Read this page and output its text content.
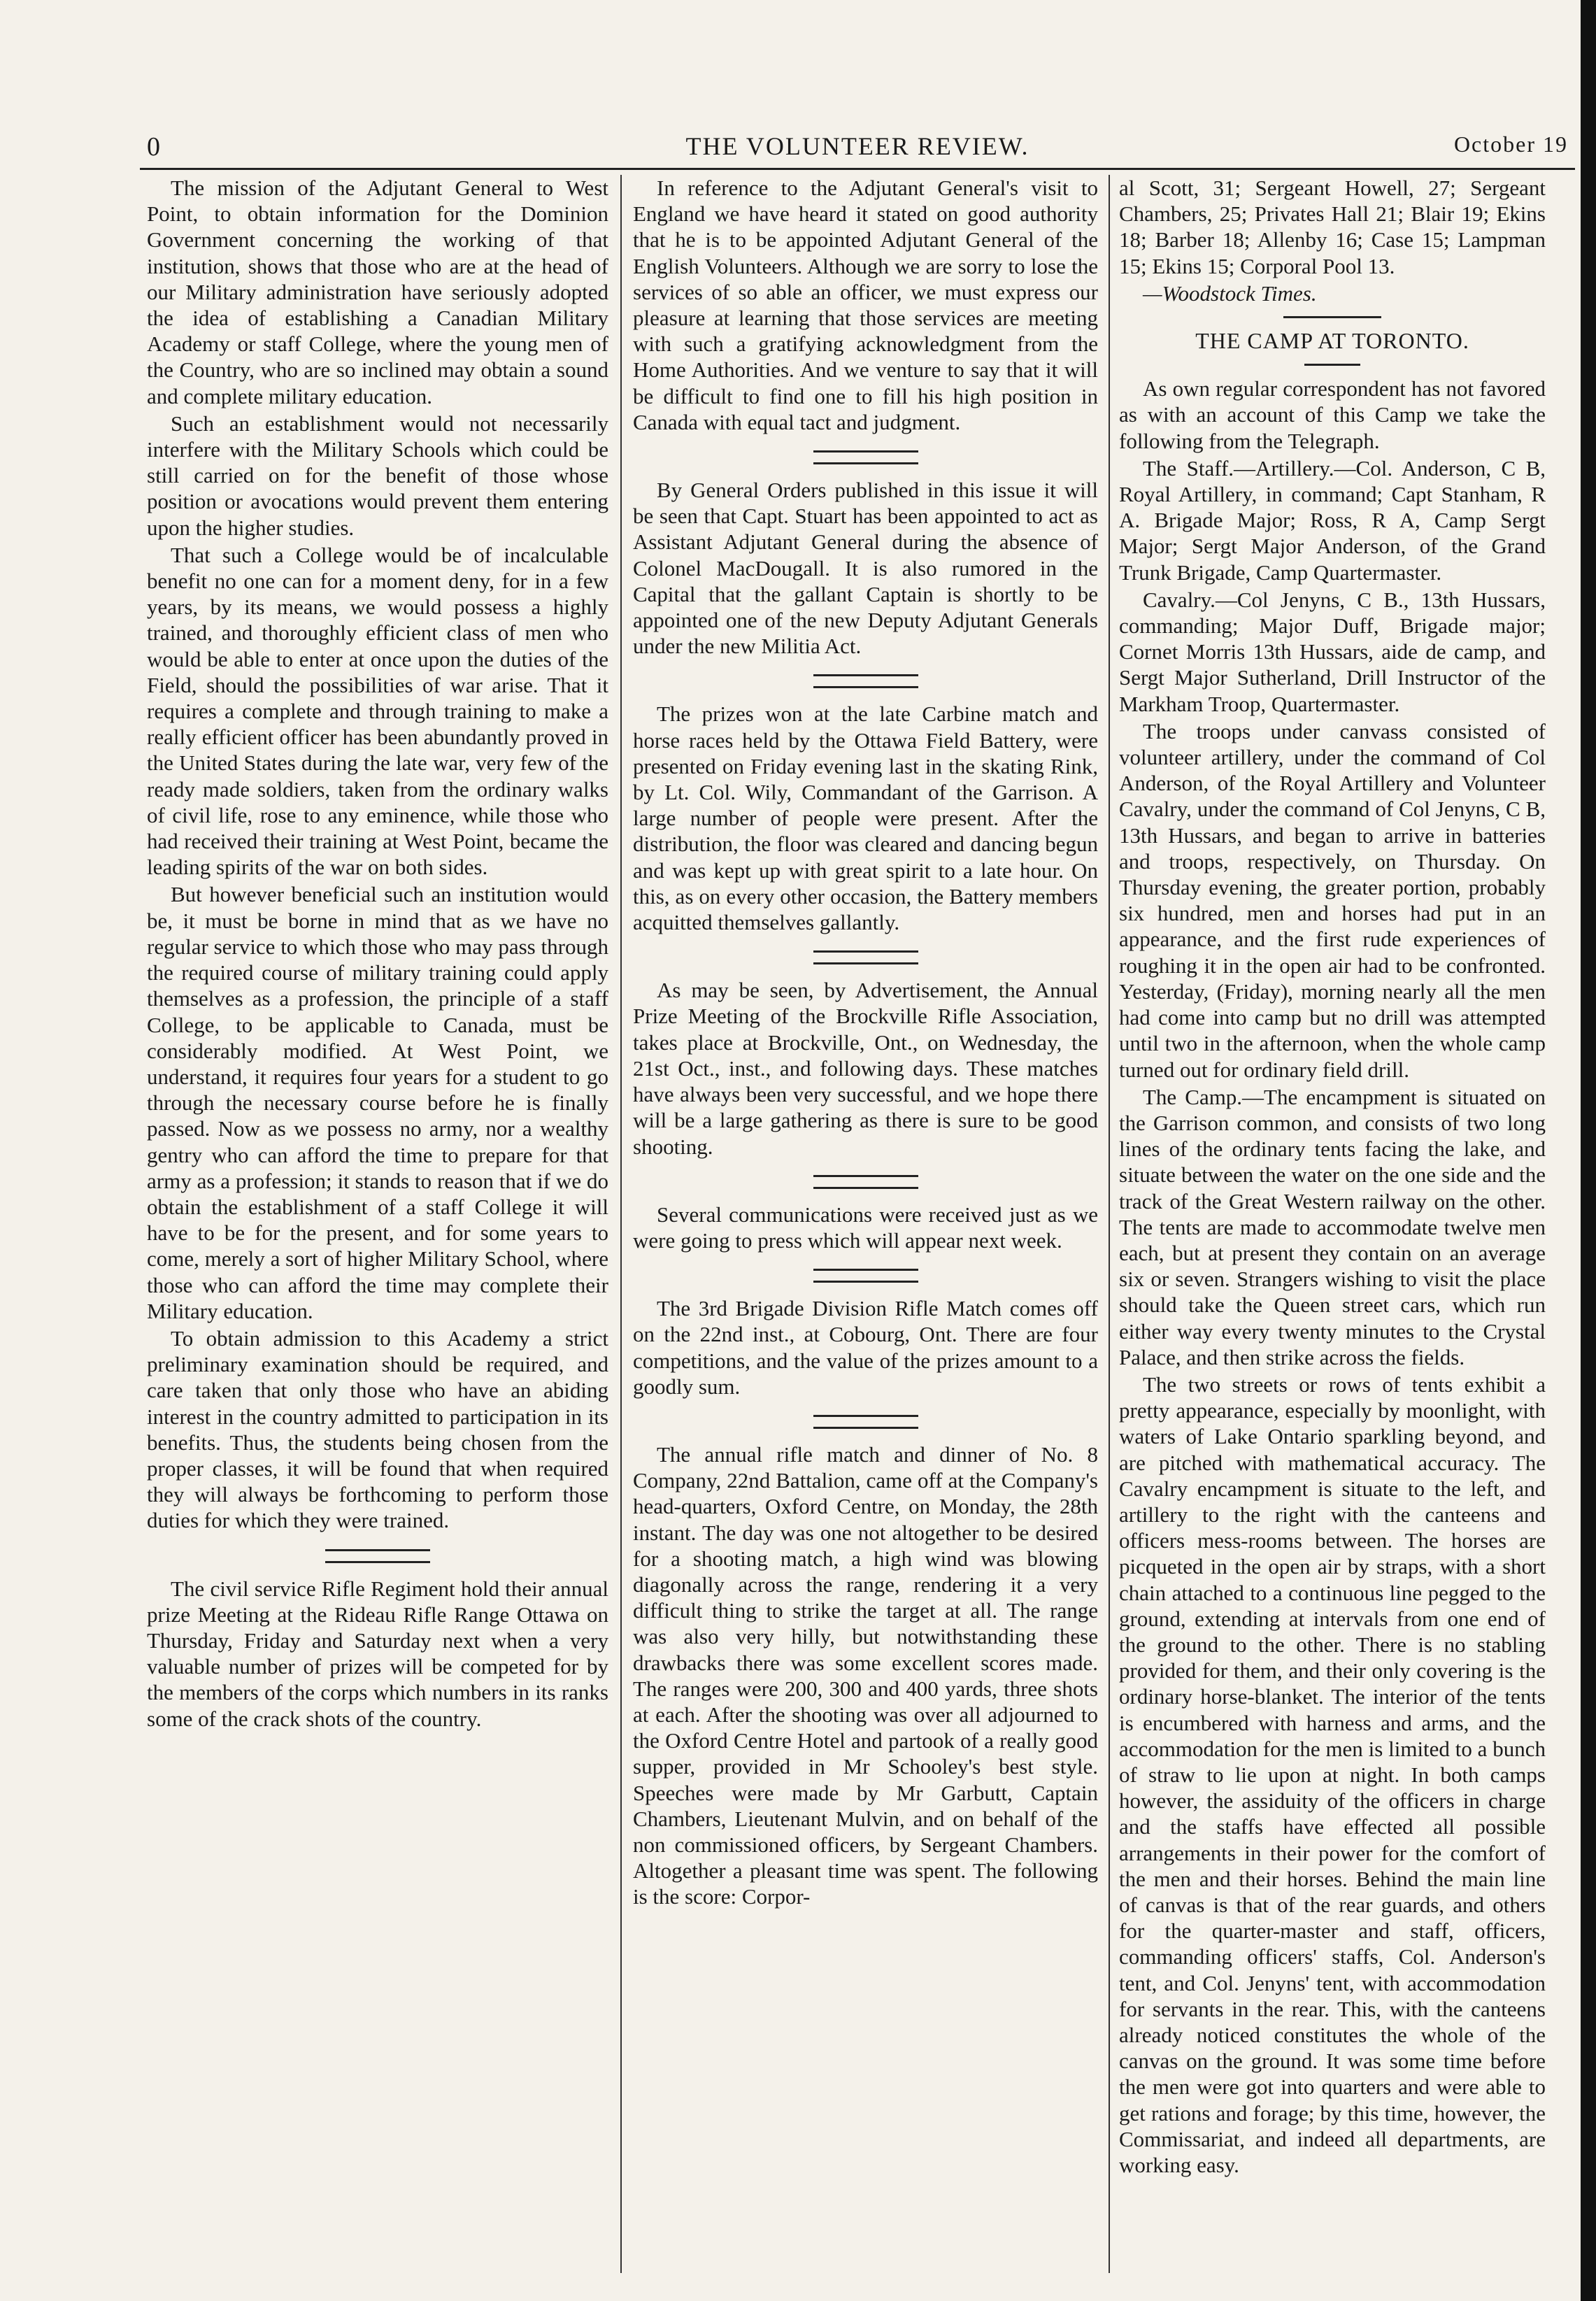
0	THE VOLUNTEER REVIEW.	October 19

The mission of the Adjutant General to West Point, to obtain information for the Dominion Government concerning the working of that institution, shows that those who are at the head of our Military administration have seriously adopted the idea of establishing a Canadian Military Academy or staff College, where the young men of the Country, who are so inclined may obtain a sound and complete military education.

Such an establishment would not necessarily interfere with the Military Schools which could be still carried on for the benefit of those whose position or avocations would prevent them entering upon the higher studies.

That such a College would be of incalculable benefit no one can for a moment deny, for in a few years, by its means, we would possess a highly trained, and thoroughly efficient class of men who would be able to enter at once upon the duties of the Field, should the possibilities of war arise. That it requires a complete and through training to make a really efficient officer has been abundantly proved in the United States during the late war, very few of the ready made soldiers, taken from the ordinary walks of civil life, rose to any eminence, while those who had received their training at West Point, became the leading spirits of the war on both sides.

But however beneficial such an institution would be, it must be borne in mind that as we have no regular service to which those who may pass through the required course of military training could apply themselves as a profession, the principle of a staff College, to be applicable to Canada, must be considerably modified. At West Point, we understand, it requires four years for a student to go through the necessary course before he is finally passed. Now as we possess no army, nor a wealthy gentry who can afford the time to prepare for that army as a profession; it stands to reason that if we do obtain the establishment of a staff College it will have to be for the present, and for some years to come, merely a sort of higher Military School, where those who can afford the time may complete their Military education.

To obtain admission to this Academy a strict preliminary examination should be required, and care taken that only those who have an abiding interest in the country admitted to participation in its benefits. Thus, the students being chosen from the proper classes, it will be found that when required they will always be forthcoming to perform those duties for which they were trained.

The civil service Rifle Regiment hold their annual prize Meeting at the Rideau Rifle Range Ottawa on Thursday, Friday and Saturday next when a very valuable number of prizes will be competed for by the members of the corps which numbers in its ranks some of the crack shots of the country.

In reference to the Adjutant General's visit to England we have heard it stated on good authority that he is to be appointed Adjutant General of the English Volunteers. Although we are sorry to lose the services of so able an officer, we must express our pleasure at learning that those services are meeting with such a gratifying acknowledgment from the Home Authorities. And we venture to say that it will be difficult to find one to fill his high position in Canada with equal tact and judgment.

By General Orders published in this issue it will be seen that Capt. Stuart has been appointed to act as Assistant Adjutant General during the absence of Colonel MacDougall. It is also rumored in the Capital that the gallant Captain is shortly to be appointed one of the new Deputy Adjutant Generals under the new Militia Act.

The prizes won at the late Carbine match and horse races held by the Ottawa Field Battery, were presented on Friday evening last in the skating Rink, by Lt. Col. Wily, Commandant of the Garrison. A large number of people were present. After the distribution, the floor was cleared and dancing begun and was kept up with great spirit to a late hour. On this, as on every other occasion, the Battery members acquitted themselves gallantly.

As may be seen, by Advertisement, the Annual Prize Meeting of the Brockville Rifle Association, takes place at Brockville, Ont., on Wednesday, the 21st Oct., inst., and following days. These matches have always been very successful, and we hope there will be a large gathering as there is sure to be good shooting.

Several communications were received just as we were going to press which will appear next week.

The 3rd Brigade Division Rifle Match comes off on the 22nd inst., at Cobourg, Ont. There are four competitions, and the value of the prizes amount to a goodly sum.

The annual rifle match and dinner of No. 8 Company, 22nd Battalion, came off at the Company's head-quarters, Oxford Centre, on Monday, the 28th instant. The day was one not altogether to be desired for a shooting match, a high wind was blowing diagonally across the range, rendering it a very difficult thing to strike the target at all. The range was also very hilly, but notwithstanding these drawbacks there was some excellent scores made. The ranges were 200, 300 and 400 yards, three shots at each. After the shooting was over all adjourned to the Oxford Centre Hotel and partook of a really good supper, provided in Mr Schooley's best style. Speeches were made by Mr Garbutt, Captain Chambers, Lieutenant Mulvin, and on behalf of the non commissioned officers, by Sergeant Chambers. Altogether a pleasant time was spent. The following is the score: Corpor-

al Scott, 31; Sergeant Howell, 27; Sergeant Chambers, 25; Privates Hall 21; Blair 19; Ekins 18; Barber 18; Allenby 16; Case 15; Lampman 15; Ekins 15; Corporal Pool 13.

—Woodstock Times.

THE CAMP AT TORONTO.

As own regular correspondent has not favored as with an account of this Camp we take the following from the Telegraph.

The Staff.—Artillery.—Col. Anderson, C B, Royal Artillery, in command; Capt Stanham, R A. Brigade Major; Ross, R A, Camp Sergt Major; Sergt Major Anderson, of the Grand Trunk Brigade, Camp Quartermaster.

Cavalry.—Col Jenyns, C B., 13th Hussars, commanding; Major Duff, Brigade major; Cornet Morris 13th Hussars, aide de camp, and Sergt Major Sutherland, Drill Instructor of the Markham Troop, Quartermaster.

The troops under canvass consisted of volunteer artillery, under the command of Col Anderson, of the Royal Artillery and Volunteer Cavalry, under the command of Col Jenyns, C B, 13th Hussars, and began to arrive in batteries and troops, respectively, on Thursday. On Thursday evening, the greater portion, probably six hundred, men and horses had put in an appearance, and the first rude experiences of roughing it in the open air had to be confronted. Yesterday, (Friday), morning nearly all the men had come into camp but no drill was attempted until two in the afternoon, when the whole camp turned out for ordinary field drill.

The Camp.—The encampment is situated on the Garrison common, and consists of two long lines of the ordinary tents facing the lake, and situate between the water on the one side and the track of the Great Western railway on the other. The tents are made to accommodate twelve men each, but at present they contain on an average six or seven. Strangers wishing to visit the place should take the Queen street cars, which run either way every twenty minutes to the Crystal Palace, and then strike across the fields.

The two streets or rows of tents exhibit a pretty appearance, especially by moonlight, with waters of Lake Ontario sparkling beyond, and are pitched with mathematical accuracy. The Cavalry encampment is situate to the left, and artillery to the right with the canteens and officers mess-rooms between. The horses are picqueted in the open air by straps, with a short chain attached to a continuous line pegged to the ground, extending at intervals from one end of the ground to the other. There is no stabling provided for them, and their only covering is the ordinary horse-blanket. The interior of the tents is encumbered with harness and arms, and the accommodation for the men is limited to a bunch of straw to lie upon at night. In both camps however, the assiduity of the officers in charge and the staffs have effected all possible arrangements in their power for the comfort of the men and their horses. Behind the main line of canvas is that of the rear guards, and others for the quarter-master and staff, officers, commanding officers' staffs, Col. Anderson's tent, and Col. Jenyns' tent, with accommodation for servants in the rear. This, with the canteens already noticed constitutes the whole of the canvas on the ground. It was some time before the men were got into quarters and were able to get rations and forage; by this time, however, the Commissariat, and indeed all departments, are working easy.
